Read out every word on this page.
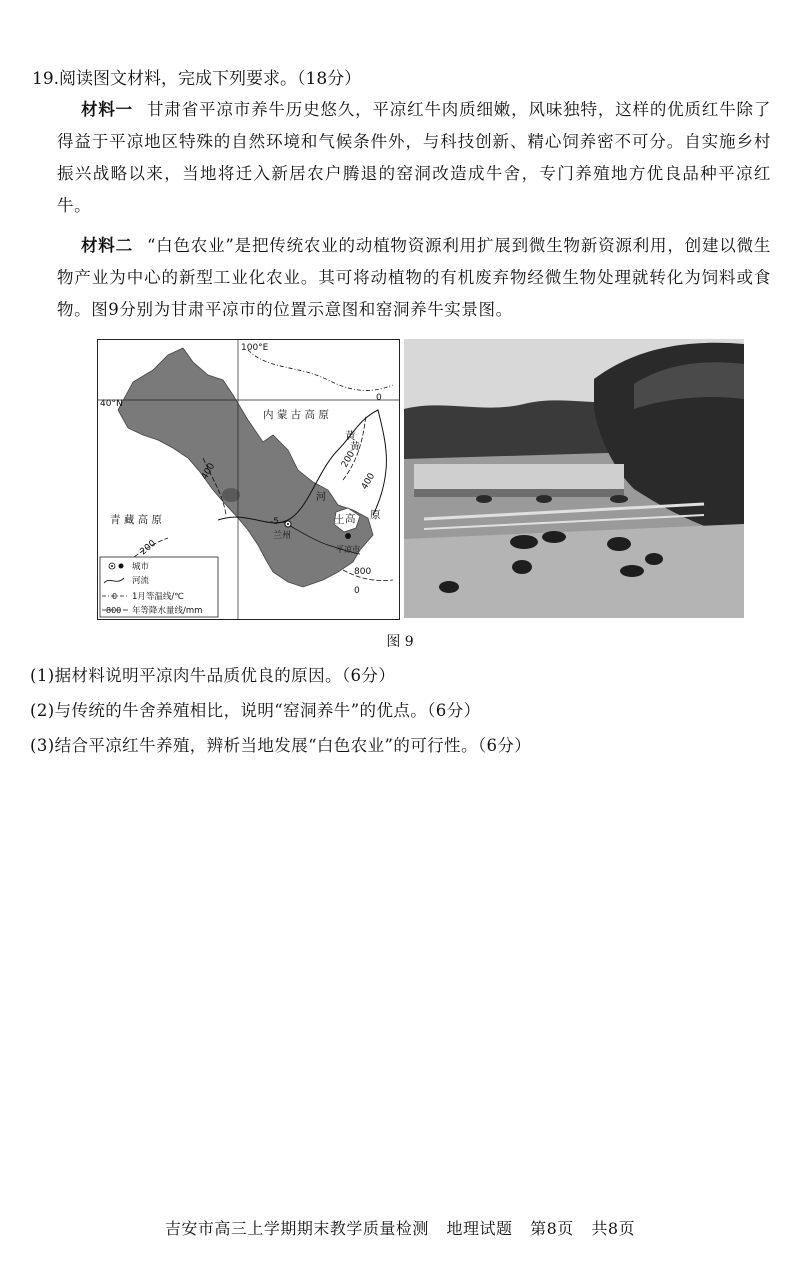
19.阅读图文材料，完成下列要求。（18分）
材料一 甘肃省平凉市养牛历史悠久，平凉红牛肉质细嫩，风味独特，这样的优质红牛除了得益于平凉地区特殊的自然环境和气候条件外，与科技创新、精心饲养密不可分。自实施乡村振兴战略以来，当地将迁入新居农户腾退的窑洞改造成牛舍，专门养殖地方优良品种平凉红牛。
材料二 “白色农业”是把传统农业的动植物资源利用扩展到微生物新资源利用，创建以微生物产业为中心的新型工业化农业。其可将动植物的有机废弃物经微生物处理就转化为饲料或食物。图9分别为甘肃平凉市的位置示意图和窑洞养牛实景图。
100°E
40°N
400
400
200
200
0
-5
800
0
内 蒙 古 高 原
青 藏 高 原
黄
土 高 原
黄
河
兰州
平凉市
城市
河流
0 1月等温线/℃
800 年等降水量线/mm
图 9
(1)据材料说明平凉肉牛品质优良的原因。（6分）
(2)与传统的牛舍养殖相比，说明“窑洞养牛”的优点。（6分）
(3)结合平凉红牛养殖，辨析当地发展“白色农业”的可行性。（6分）
吉安市高三上学期期末教学质量检测 地理试题 第8页 共8页
